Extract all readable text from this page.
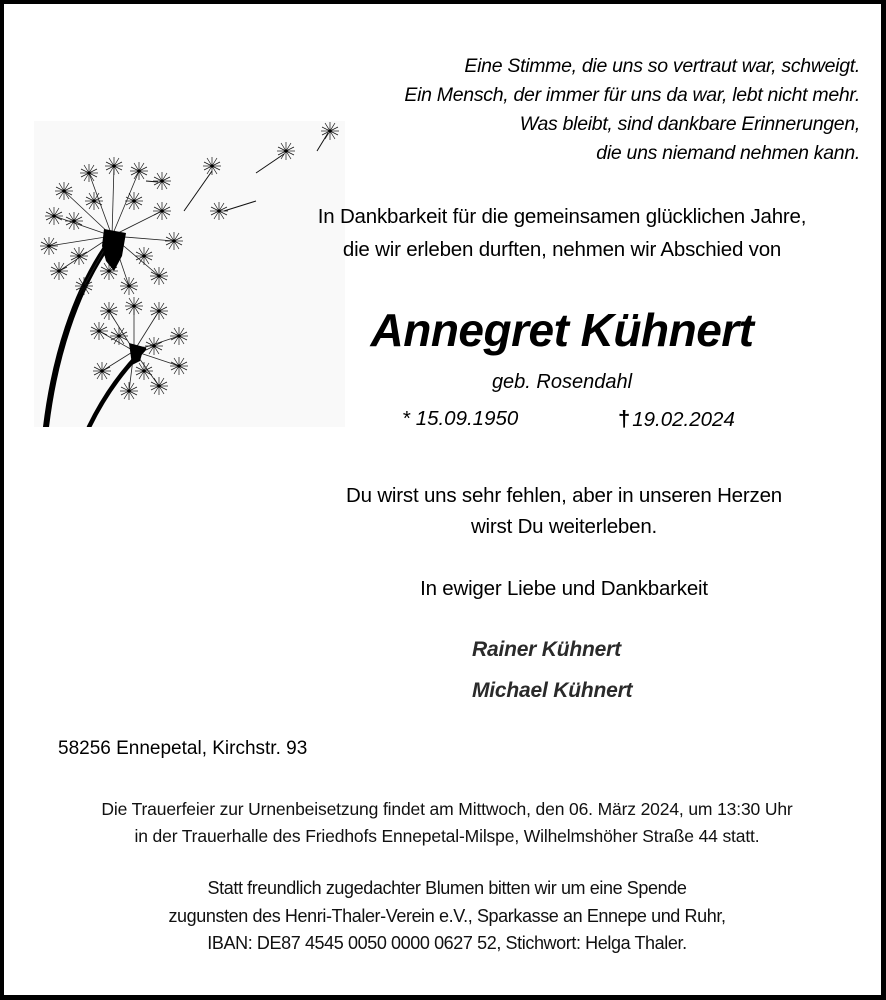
Eine Stimme, die uns so vertraut war, schweigt.
Ein Mensch, der immer für uns da war, lebt nicht mehr.
Was bleibt, sind dankbare Erinnerungen,
die uns niemand nehmen kann.
In Dankbarkeit für die gemeinsamen glücklichen Jahre,
die wir erleben durften, nehmen wir Abschied von
Annegret Kühnert
geb. Rosendahl
* 15.09.1950	†19.02.2024
Du wirst uns sehr fehlen, aber in unseren Herzen
wirst Du weiterleben.
In ewiger Liebe und Dankbarkeit
Rainer Kühnert
Michael Kühnert
58256 Ennepetal, Kirchstr. 93
Die Trauerfeier zur Urnenbeisetzung findet am Mittwoch, den 06. März 2024, um 13:30 Uhr
in der Trauerhalle des Friedhofs Ennepetal-Milspe, Wilhelmshöher Straße 44 statt.
Statt freundlich zugedachter Blumen bitten wir um eine Spende
zugunsten des Henri-Thaler-Verein e.V., Sparkasse an Ennepe und Ruhr,
IBAN: DE87 4545 0050 0000 0627 52, Stichwort: Helga Thaler.
